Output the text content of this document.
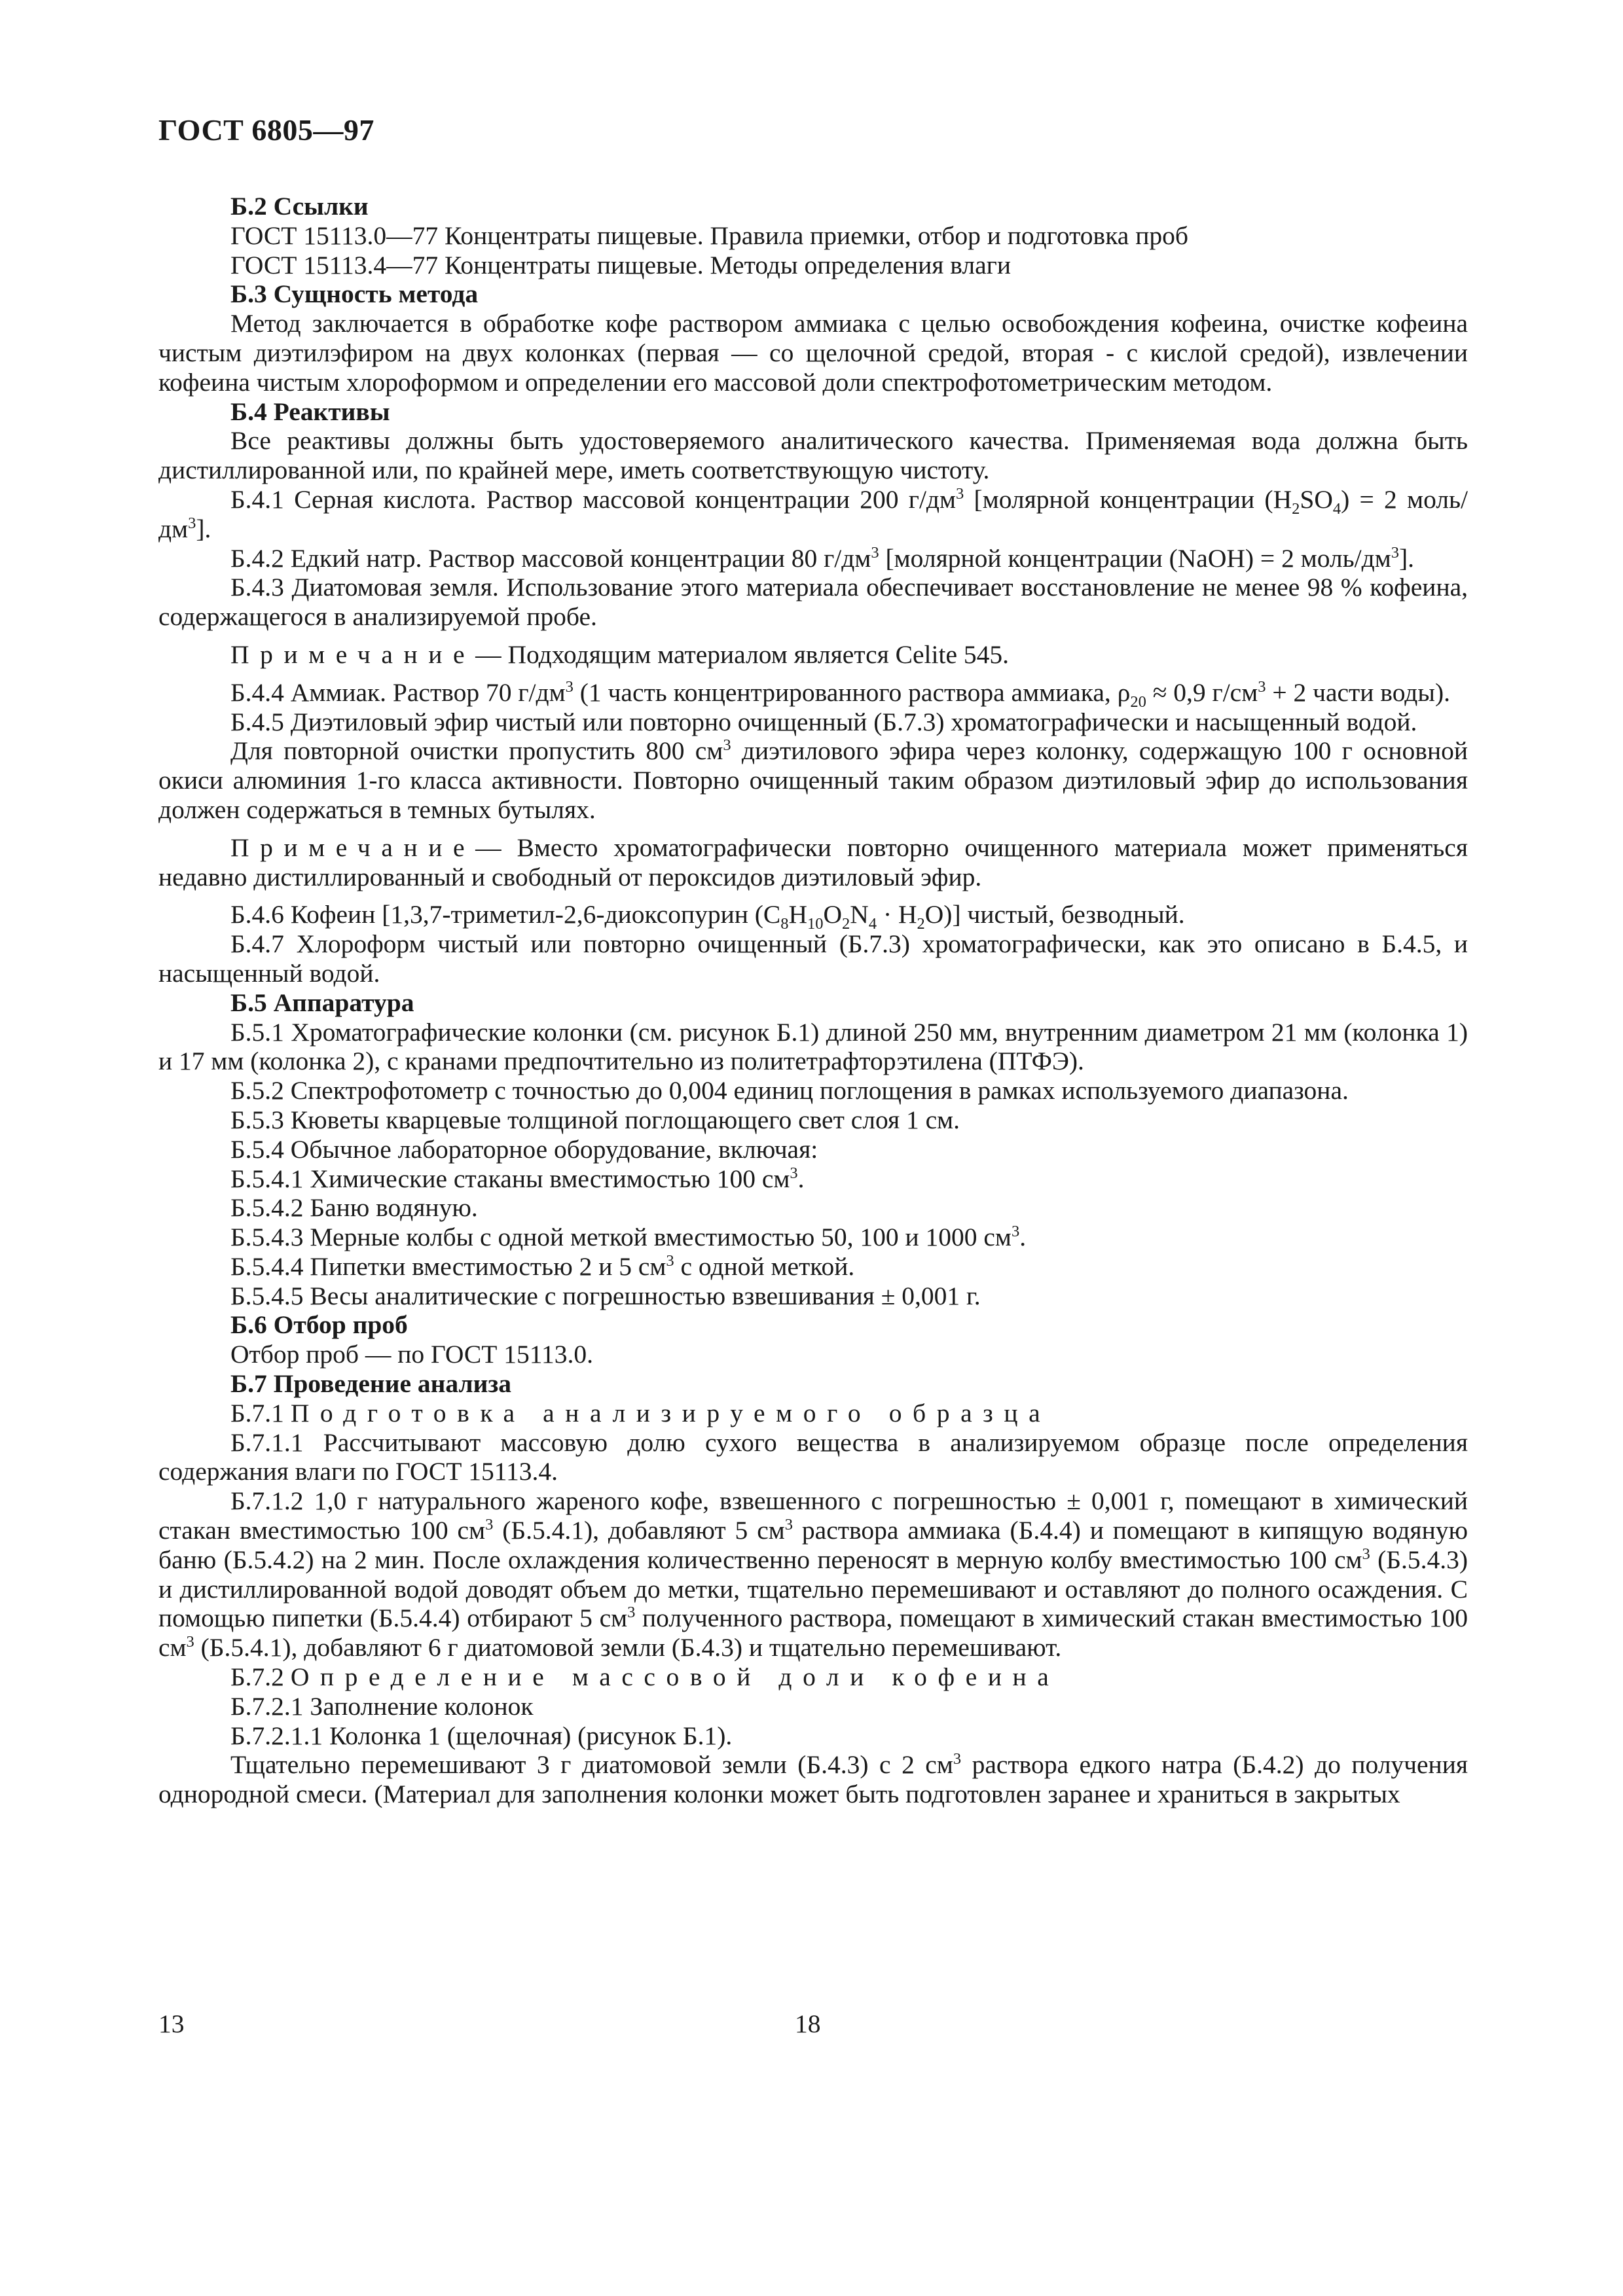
ГОСТ 6805—97
Б.2 Ссылки

ГОСТ 15113.0—77 Концентраты пищевые. Правила приемки, отбор и подготовка проб

ГОСТ 15113.4—77 Концентраты пищевые. Методы определения влаги

Б.3 Сущность метода

Метод заключается в обработке кофе раствором аммиака с целью освобождения кофеина, очистке кофеина чистым диэтилэфиром на двух колонках (первая — со щелочной средой, вторая - с кислой средой), извлечении кофеина чистым хлороформом и определении его массовой доли спектрофотометрическим методом.

Б.4 Реактивы

Все реактивы должны быть удостоверяемого аналитического качества. Применяемая вода должна быть дистиллированной или, по крайней мере, иметь соответствующую чистоту.

Б.4.1 Серная кислота. Раствор массовой концентрации 200 $г/дм^3$ [молярной концентрации $(H_2SO_4) = 2$ моль/$дм^3$].

Б.4.2 Едкий натр. Раствор массовой концентрации 80 $г/дм^3$ [молярной концентрации (NaOH) = 2 моль/$дм^3$].

Б.4.3 Диатомовая земля. Использование этого материала обеспечивает восстановление не менее 98 % кофеина, содержащегося в анализируемой пробе.

Примечание— Подходящим материалом является Celite 545.

Б.4.4 Аммиак. Раствор 70 $г/дм^3$ (1 часть концентрированного раствора аммиака, $\rho_{20} \approx 0,9$ $г/см^3 + 2$ части воды).

Б.4.5 Диэтиловый эфир чистый или повторно очищенный (Б.7.3) хроматографически и насыщенный водой.

Для повторной очистки пропустить 800 $см^3$ диэтилового эфира через колонку, содержащую 100 г основной окиси алюминия 1-го класса активности. Повторно очищенный таким образом диэтиловый эфир до использования должен содержаться в темных бутылях.

Примечание— Вместо хроматографически повторно очищенного материала может применяться недавно дистиллированный и свободный от пероксидов диэтиловый эфир.

Б.4.6 Кофеин [1,3,7-триметил-2,6-диоксопурин $(C_8H_{10}O_2N_4 \cdot H_2O)$] чистый, безводный.

Б.4.7 Хлороформ чистый или повторно очищенный (Б.7.3) хроматографически, как это описано в Б.4.5, и насыщенный водой.

Б.5 Аппаратура

Б.5.1 Хроматографические колонки (см. рисунок Б.1) длиной 250 мм, внутренним диаметром 21 мм (колонка 1) и 17 мм (колонка 2), с кранами предпочтительно из политетрафторэтилена (ПТФЭ).

Б.5.2 Спектрофотометр с точностью до 0,004 единиц поглощения в рамках используемого диапазона.

Б.5.3 Кюветы кварцевые толщиной поглощающего свет слоя 1 см.

Б.5.4 Обычное лабораторное оборудование, включая:

Б.5.4.1 Химические стаканы вместимостью 100 $см^3$.

Б.5.4.2 Баню водяную.

Б.5.4.3 Мерные колбы с одной меткой вместимостью 50, 100 и 1000 $см^3$.

Б.5.4.4 Пипетки вместимостью 2 и 5 $см^3$ с одной меткой.

Б.5.4.5 Весы аналитические с погрешностью взвешивания ± 0,001 г.

Б.6 Отбор проб

Отбор проб — по ГОСТ 15113.0.

Б.7 Проведение анализа

Б.7.1 Подготовка анализируемого образца

Б.7.1.1 Рассчитывают массовую долю сухого вещества в анализируемом образце после определения содержания влаги по ГОСТ 15113.4.

Б.7.1.2 1,0 г натурального жареного кофе, взвешенного с погрешностью ± 0,001 г, помещают в химический стакан вместимостью 100 $см^3$ (Б.5.4.1), добавляют 5 $см^3$ раствора аммиака (Б.4.4) и помещают в кипящую водяную баню (Б.5.4.2) на 2 мин. После охлаждения количественно переносят в мерную колбу вместимостью 100 $см^3$ (Б.5.4.3) и дистиллированной водой доводят объем до метки, тщательно перемешивают и оставляют до полного осаждения. С помощью пипетки (Б.5.4.4) отбирают 5 $см^3$ полученного раствора, помещают в химический стакан вместимостью 100 $см^3$ (Б.5.4.1), добавляют 6 г диатомовой земли (Б.4.3) и тщательно перемешивают.

Б.7.2 Определение массовой доли кофеина

Б.7.2.1 Заполнение колонок

Б.7.2.1.1 Колонка 1 (щелочная) (рисунок Б.1).

Тщательно перемешивают 3 г диатомовой земли (Б.4.3) с 2 $см^3$ раствора едкого натра (Б.4.2) до получения однородной смеси. (Материал для заполнения колонки может быть подготовлен заранее и храниться в закрытых

13	18
